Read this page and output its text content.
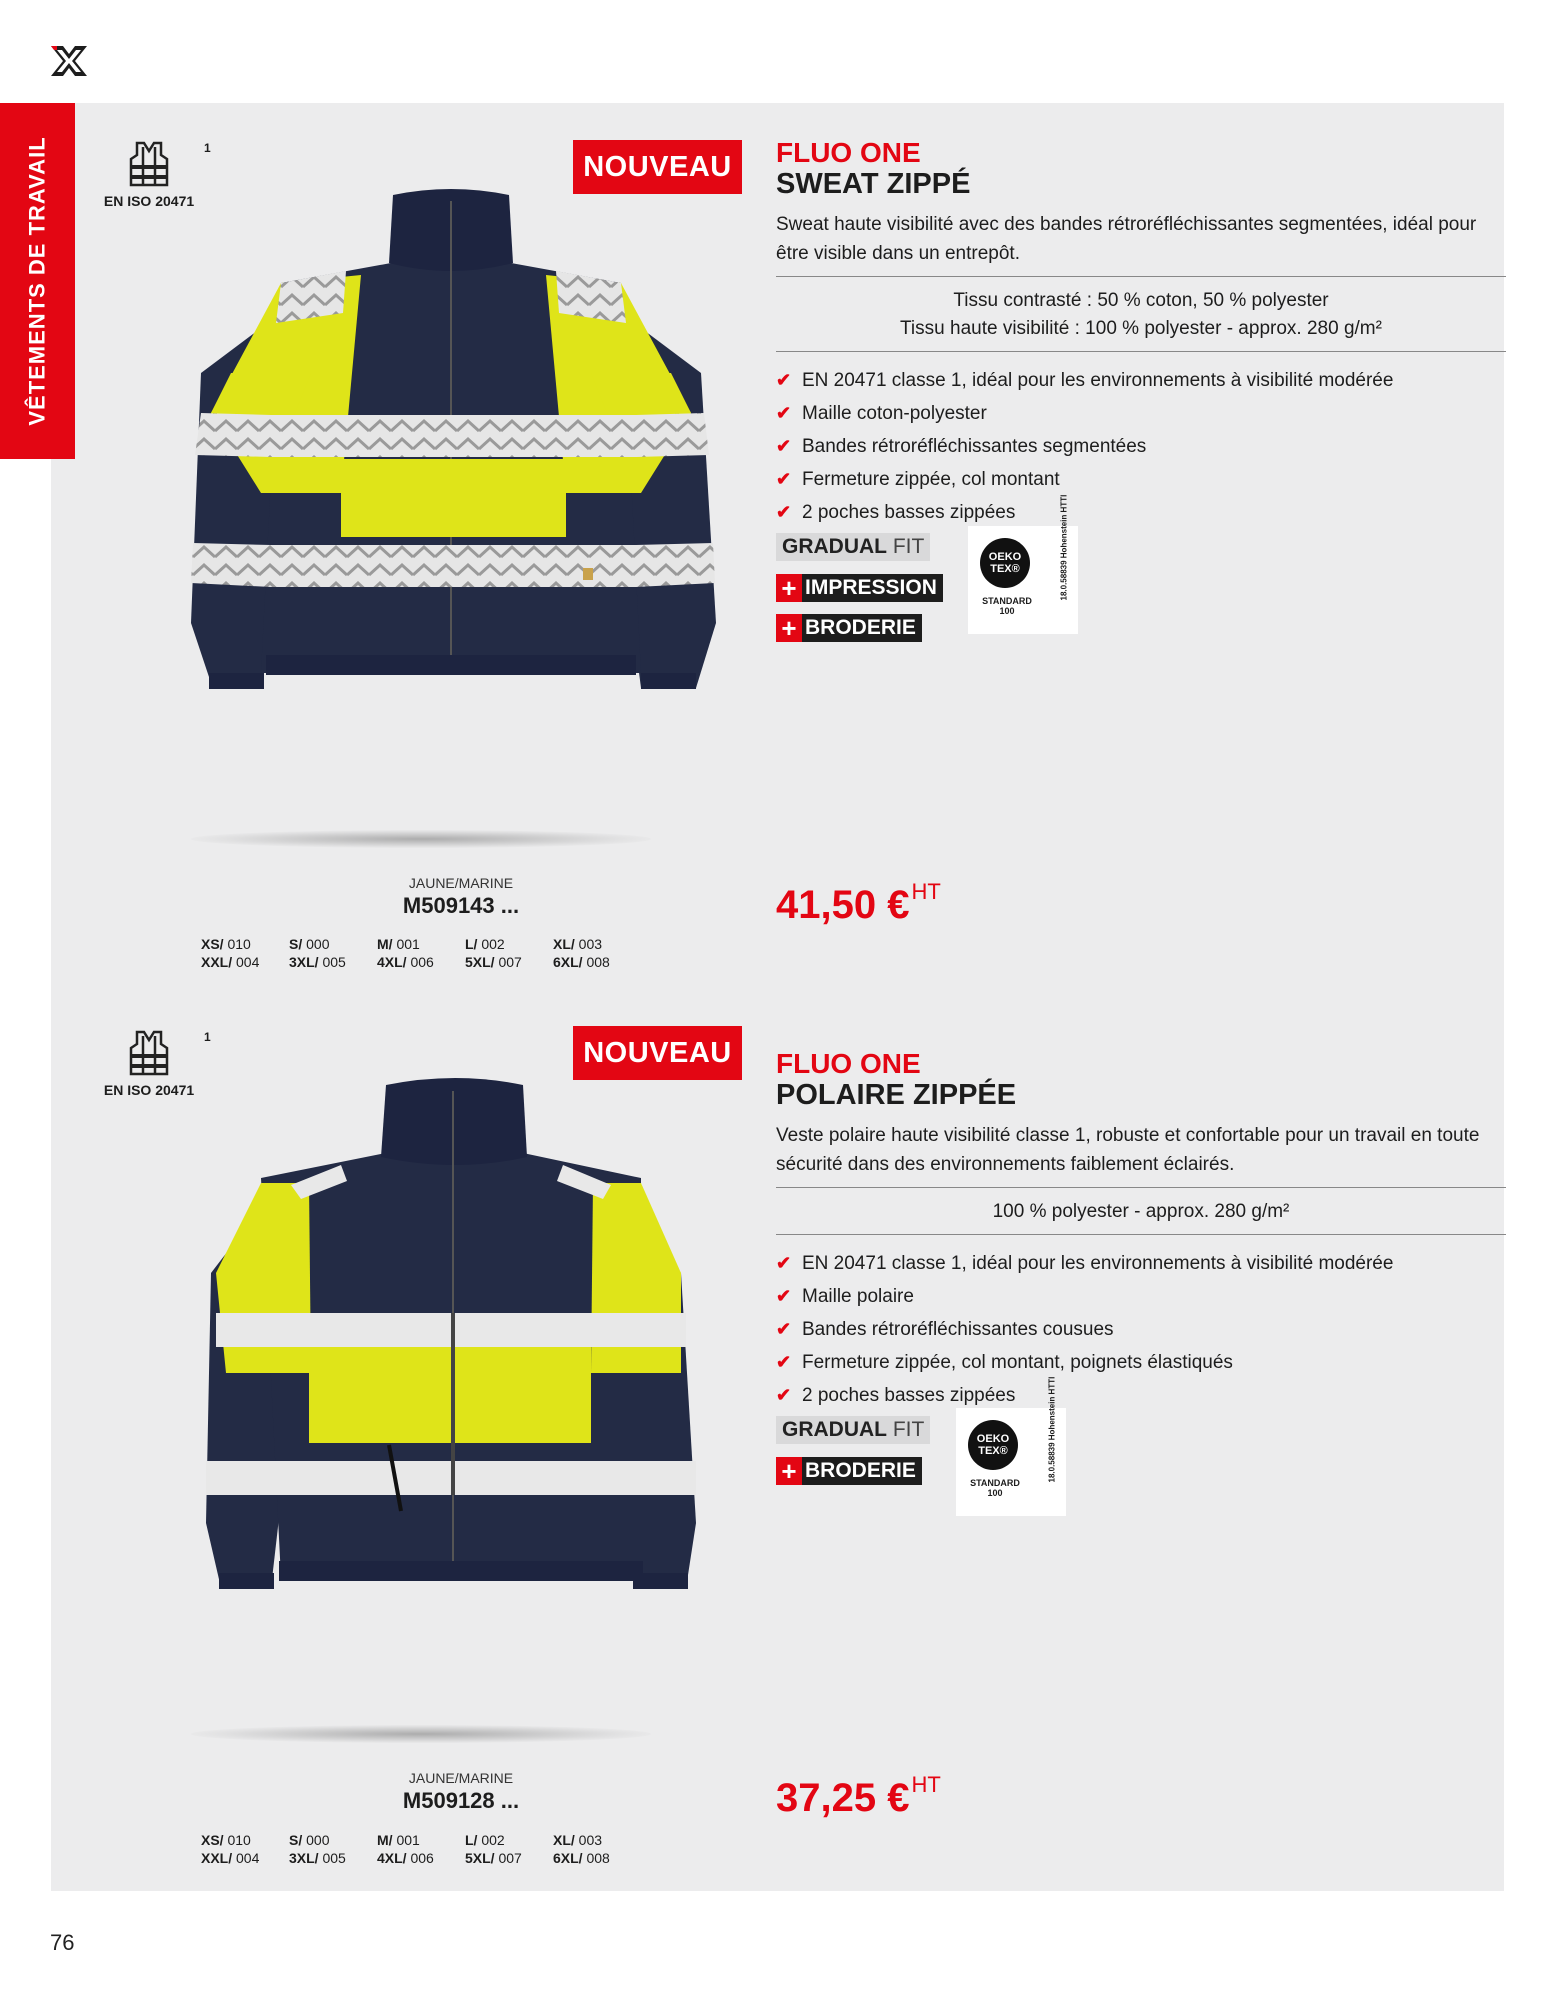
VÊTEMENTS DE TRAVAIL	1
EN ISO 20471
NOUVEAU
JAUNE/MARINE
M509143 ...
XS/ 010	S/ 000	M/ 001	L/ 002	XL/ 003
XXL/ 004	3XL/ 005	4XL/ 006	5XL/ 007	6XL/ 008
FLUO ONE
SWEAT ZIPPÉ
Sweat haute visibilité avec des bandes rétroréfléchissantes segmentées, idéal pour être visible dans un entrepôt.
Tissu contrasté : 50 % coton, 50 % polyester
Tissu haute visibilité : 100 % polyester - approx. 280 g/m²
✔ EN 20471 classe 1, idéal pour les environnements à visibilité modérée
✔ Maille coton-polyester
✔ Bandes rétroréfléchissantes segmentées
✔ Fermeture zippée, col montant
✔ 2 poches basses zippées
GRADUAL FIT
+ IMPRESSION
+ BRODERIE
OEKO
TEX®
STANDARD
100
18.0.58839 Hohenstein HTTI
41,50 €$^{HT}$
1
EN ISO 20471
NOUVEAU
JAUNE/MARINE
M509128 ...
XS/ 010	S/ 000	M/ 001	L/ 002	XL/ 003
XXL/ 004	3XL/ 005	4XL/ 006	5XL/ 007	6XL/ 008
FLUO ONE
POLAIRE ZIPPÉE
Veste polaire haute visibilité classe 1, robuste et confortable pour un travail en toute sécurité dans des environnements faiblement éclairés.
100 % polyester - approx. 280 g/m²
✔ EN 20471 classe 1, idéal pour les environnements à visibilité modérée
✔ Maille polaire
✔ Bandes rétroréfléchissantes cousues
✔ Fermeture zippée, col montant, poignets élastiqués
✔ 2 poches basses zippées
GRADUAL FIT
+ BRODERIE
OEKO
TEX®
STANDARD
100
18.0.58839 Hohenstein HTTI
37,25 €$^{HT}$
76
